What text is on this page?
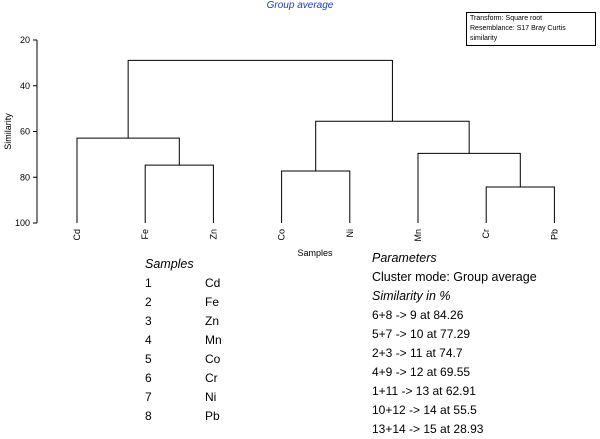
20
40
60
80
100
Similarity
Samples
Cd	Fe	Zn	Co	Ni	Mn	Cr	Pb
Group average
Transform: Square root
Resemblance: S17 Bray Curtis similarity
Samples
1	Cd
2	Fe
3	Zn
4	Mn
5	Co
6	Cr
7	Ni
8	Pb
Parameters
Cluster mode: Group average
Similarity in %
6+8 -> 9 at 84.26
5+7 -> 10 at 77.29
2+3 -> 11 at 74.7
4+9 -> 12 at 69.55
1+11 -> 13 at 62.91
10+12 -> 14 at 55.5
13+14 -> 15 at 28.93
